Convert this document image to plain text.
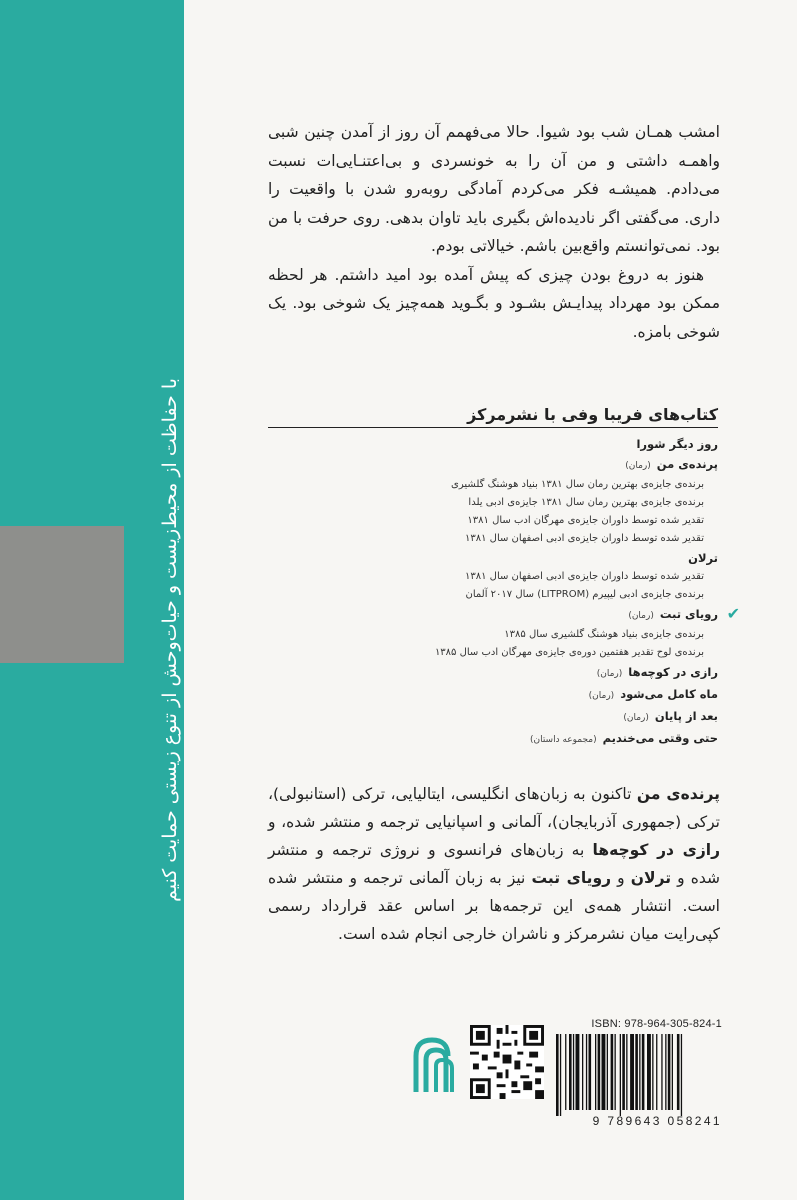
با حفاظت از محیط‌زیست و حیات‌وحش از تنوع زیستی حمایت کنیم

امشب همـان شب بود شیوا. حالا می‌فهمم آن روز از آمدن چنین شبی واهمـه داشتی و من آن را به خونسردی و بی‌اعتنـایی‌ات نسبت می‌دادم. همیشـه فکر می‌کردم آمادگی روبه‌رو شدن با واقعیت را داری. می‌گفتی اگر نادیده‌اش بگیری باید تاوان بدهی. روی حرفت با من بود. نمی‌توانستم واقع‌بین باشم. خیالاتی بودم.

هنوز به دروغ بودن چیزی که پیش آمده بود امید داشتم. هر لحظه ممکن بود مهرداد پیدایـش بشـود و بگـوید همه‌چیز یک شوخی بود. یک شوخی بامزه.

کتاب‌های فریبا وفی با نشرمرکز
روز دیگر شورا
پرنده‌ی من(رمان)
برنده‌ی جایزه‌ی بهترین رمان سال ۱۳۸۱ بنیاد هوشنگ گلشیری
برنده‌ی جایزه‌ی بهترین رمان سال ۱۳۸۱ جایزه‌ی ادبی یلدا
تقدیر شده توسط داوران جایزه‌ی مهرگان ادب سال ۱۳۸۱
تقدیر شده توسط داوران جایزه‌ی ادبی اصفهان سال ۱۳۸۱
ترلان
تقدیر شده توسط داوران جایزه‌ی ادبی اصفهان سال ۱۳۸۱
برنده‌ی جایزه‌ی ادبی لیپیرم (LITPROM) سال ۲۰۱۷ آلمان
✔
رویای تبت(رمان)
برنده‌ی جایزه‌ی بنیاد هوشنگ گلشیری سال ۱۳۸۵
برنده‌ی لوح تقدیر هفتمین دوره‌ی جایزه‌ی مهرگان ادب سال ۱۳۸۵
رازی در کوچه‌ها(رمان)
ماه کامل می‌شود(رمان)
بعد از پایان(رمان)
حتی وقتی می‌خندیم(مجموعه داستان)
پرنده‌ی من تاکنون به زبان‌های انگلیسی، ایتالیایی، ترکی (استانبولی)، ترکی (جمهوری آذربایجان)، آلمانی و اسپانیایی ترجمه و منتشر شده، و رازی در کوچه‌ها به زبان‌های فرانسوی و نروژی ترجمه و منتشر شده و ترلان و رویای تبت نیز به زبان آلمانی ترجمه و منتشر شده است. انتشار همه‌ی این ترجمه‌ها بر اساس عقد قرارداد رسمی کپی‌رایت میان نشرمرکز و ناشران خارجی انجام شده است.
ISBN: 978-964-305-824-1
9 789643 058241
